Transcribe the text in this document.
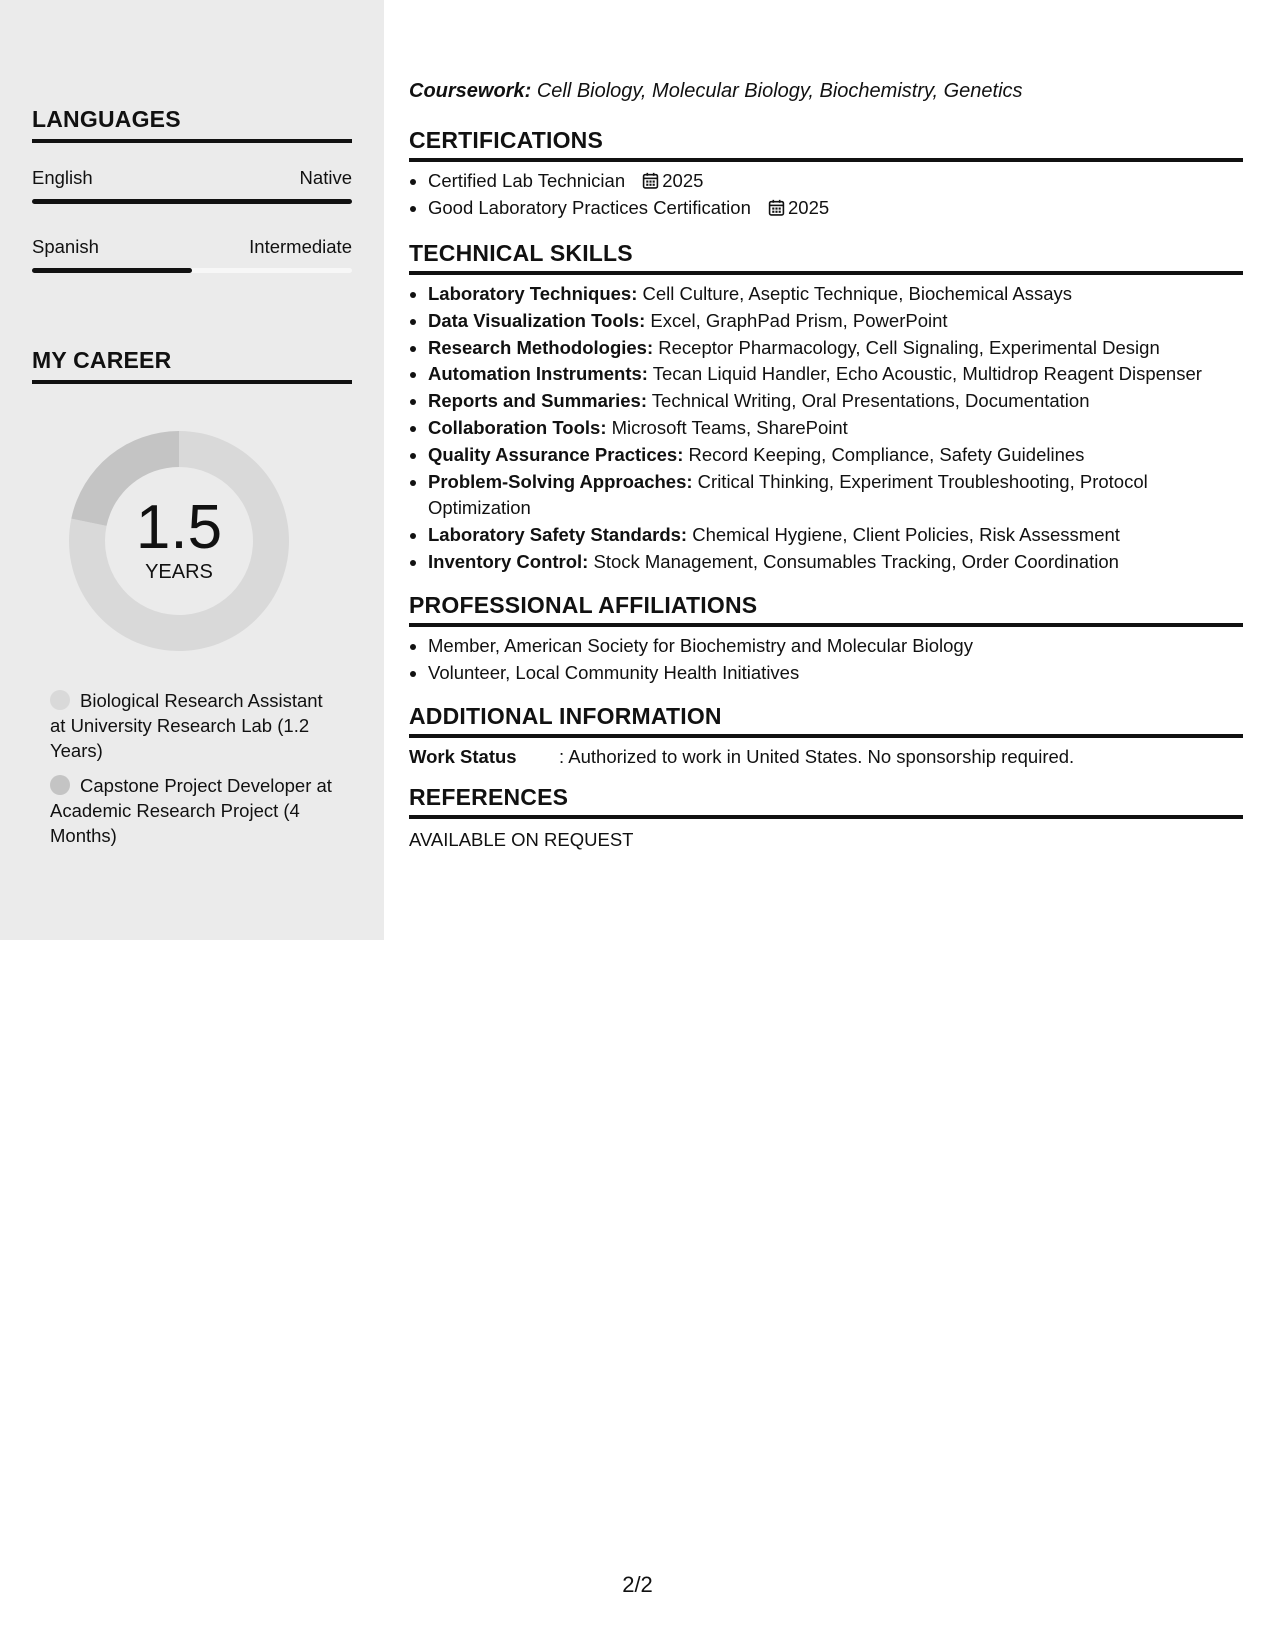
LANGUAGES
English	Native
Spanish	Intermediate
MY CAREER
1.5
YEARS
Biological Research Assistant at University Research Lab (1.2 Years)
Capstone Project Developer at Academic Research Project (4 Months)
Coursework: Cell Biology, Molecular Biology, Biochemistry, Genetics
CERTIFICATIONS
• Certified Lab Technician 2025
• Good Laboratory Practices Certification 2025
TECHNICAL SKILLS
• Laboratory Techniques: Cell Culture, Aseptic Technique, Biochemical Assays
• Data Visualization Tools: Excel, GraphPad Prism, PowerPoint
• Research Methodologies: Receptor Pharmacology, Cell Signaling, Experimental Design
• Automation Instruments: Tecan Liquid Handler, Echo Acoustic, Multidrop Reagent Dispenser
• Reports and Summaries: Technical Writing, Oral Presentations, Documentation
• Collaboration Tools: Microsoft Teams, SharePoint
• Quality Assurance Practices: Record Keeping, Compliance, Safety Guidelines
• Problem-Solving Approaches: Critical Thinking, Experiment Troubleshooting, Protocol Optimization
• Laboratory Safety Standards: Chemical Hygiene, Client Policies, Risk Assessment
• Inventory Control: Stock Management, Consumables Tracking, Order Coordination
PROFESSIONAL AFFILIATIONS
• Member, American Society for Biochemistry and Molecular Biology
• Volunteer, Local Community Health Initiatives
ADDITIONAL INFORMATION
Work Status	: Authorized to work in United States. No sponsorship required.
REFERENCES
AVAILABLE ON REQUEST
2/2
